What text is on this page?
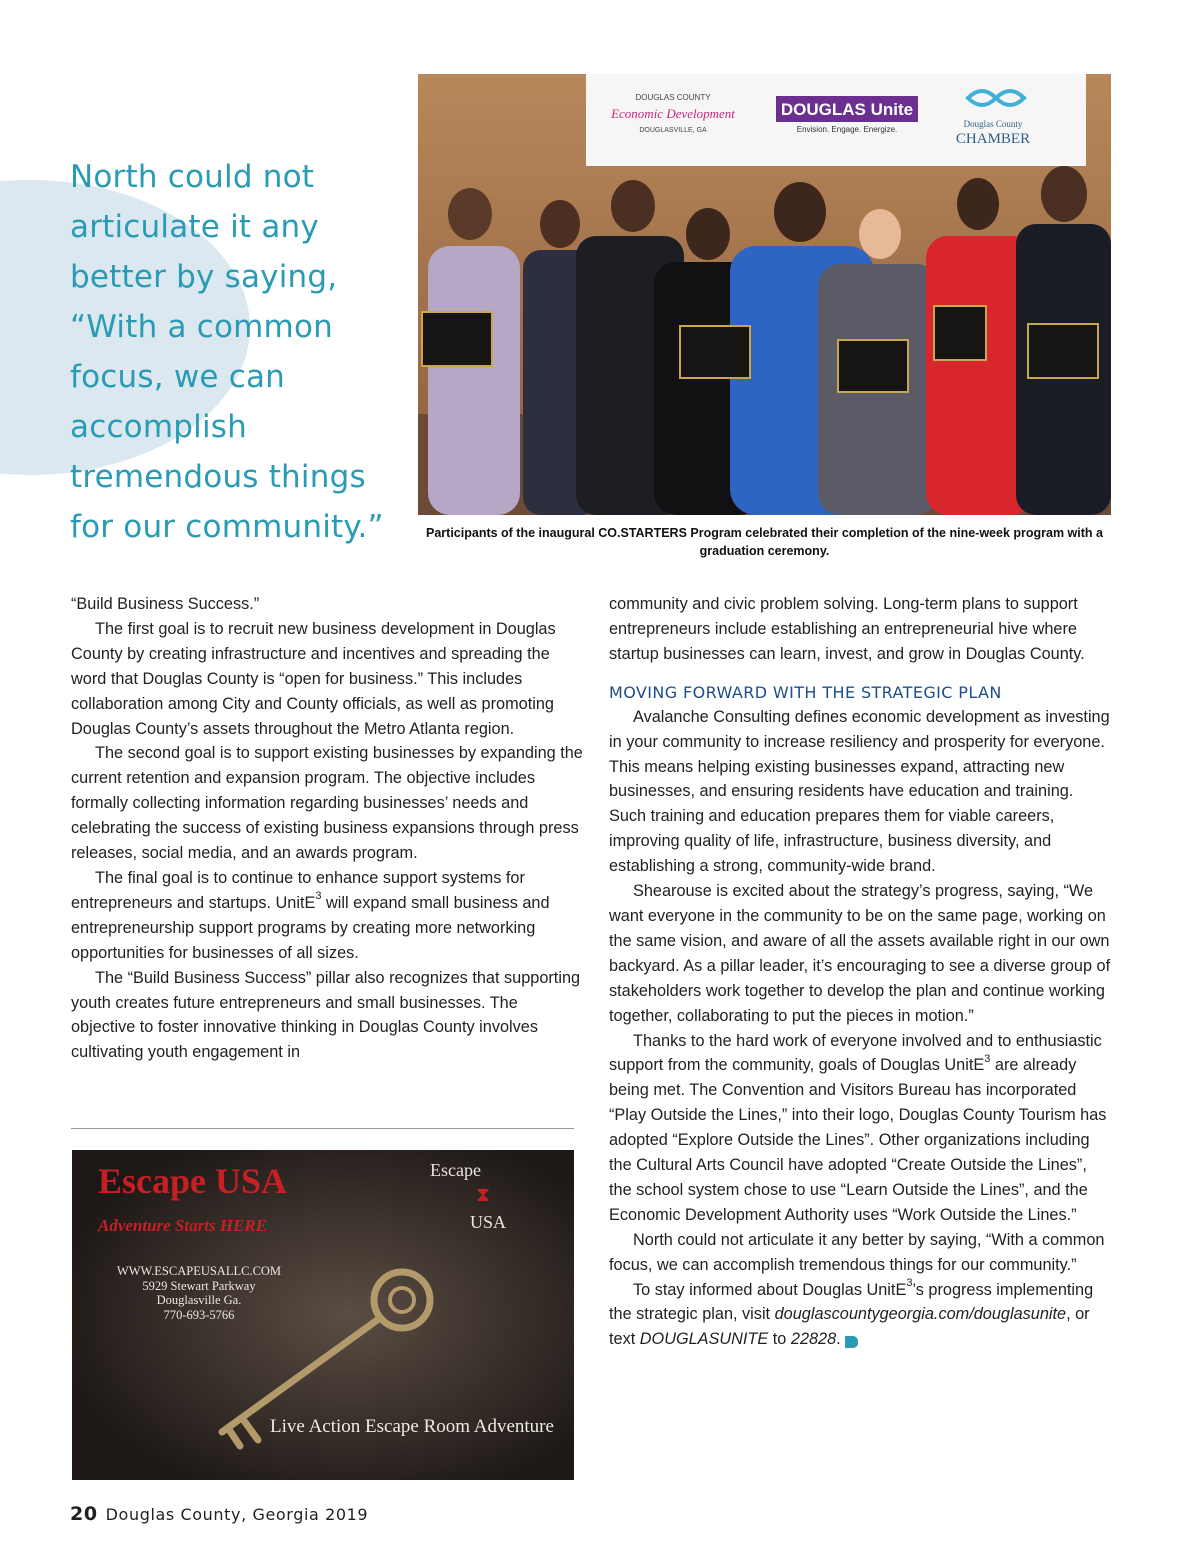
North could not articulate it any better by saying, “With a common focus, we can accomplish tremendous things for our community.”

DOUGLAS COUNTY
Economic Development
DOUGLASVILLE, GA
DOUGLAS Unite
Envision. Engage. Energize.
Douglas County
CHAMBER

Participants of the inaugural CO.STARTERS Program celebrated their completion of the nine-week program with a graduation ceremony.

“Build Business Success.”

The first goal is to recruit new business development in Douglas County by creating infrastructure and incentives and spreading the word that Douglas County is “open for business.” This includes collaboration among City and County officials, as well as promoting Douglas County’s assets throughout the Metro Atlanta region.

The second goal is to support existing businesses by expanding the current retention and expansion program. The objective includes formally collecting information regarding businesses’ needs and celebrating the success of existing business expansions through press releases, social media, and an awards program.

The final goal is to continue to enhance support systems for entrepreneurs and startups. UnitE$^3$ will expand small business and entrepreneurship support programs by creating more networking opportunities for businesses of all sizes.

The “Build Business Success” pillar also recognizes that supporting youth creates future entrepreneurs and small businesses. The objective to foster innovative thinking in Douglas County involves cultivating youth engagement in

community and civic problem solving. Long-term plans to support entrepreneurs include establishing an entrepreneurial hive where startup businesses can learn, invest, and grow in Douglas County.

MOVING FORWARD WITH THE STRATEGIC PLAN

Avalanche Consulting defines economic development as investing in your community to increase resiliency and prosperity for everyone. This means helping existing businesses expand, attracting new businesses, and ensuring residents have education and training. Such training and education prepares them for viable careers, improving quality of life, infrastructure, business diversity, and establishing a strong, community-wide brand.

Shearouse is excited about the strategy’s progress, saying, “We want everyone in the community to be on the same page, working on the same vision, and aware of all the assets available right in our own backyard. As a pillar leader, it’s encouraging to see a diverse group of stakeholders work together to develop the plan and continue working together, collaborating to put the pieces in motion.”

Thanks to the hard work of everyone involved and to enthusiastic support from the community, goals of Douglas UnitE$^3$ are already being met. The Convention and Visitors Bureau has incorporated “Play Outside the Lines,” into their logo, Douglas County Tourism has adopted “Explore Outside the Lines”. Other organizations including the Cultural Arts Council have adopted “Create Outside the Lines”, the school system chose to use “Learn Outside the Lines”, and the Economic Development Authority uses “Work Outside the Lines.”

North could not articulate it any better by saying, “With a common focus, we can accomplish tremendous things for our community.”

To stay informed about Douglas UnitE$^3$’s progress implementing the strategic plan, visit douglascountygeorgia.com/douglasunite, or text DOUGLASUNITE to 22828. D

Escape USA
Adventure Starts HERE
Escape
⧗
USA
WWW.ESCAPEUSALLC.COM
5929 Stewart Parkway
Douglasville Ga.
770-693-5766
Live Action Escape Room Adventure
20 Douglas County, Georgia 2019
